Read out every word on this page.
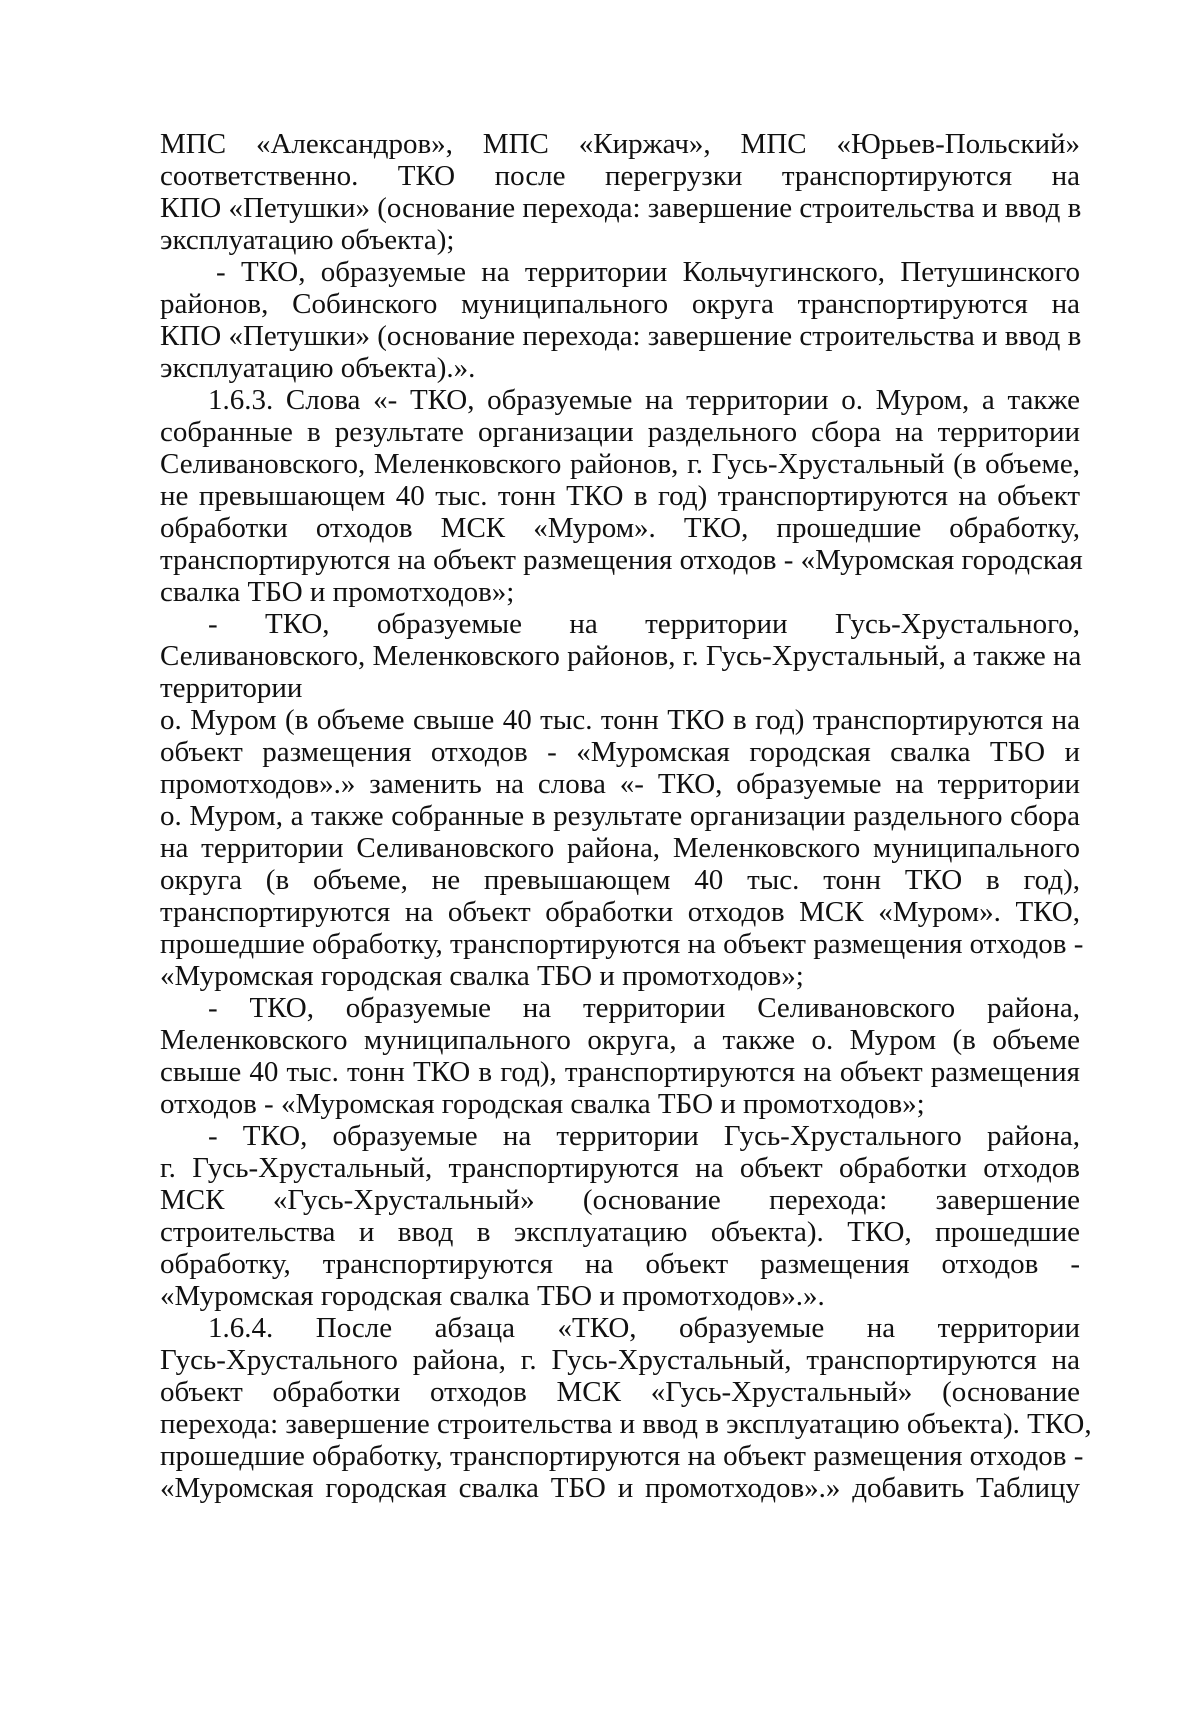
МПС «Александров», МПС «Киржач», МПС «Юрьев-Польский»
соответственно. ТКО после перегрузки транспортируются на
КПО «Петушки» (основание перехода: завершение строительства и ввод в
эксплуатацию объекта);
- ТКО, образуемые на территории Кольчугинского, Петушинского
районов, Собинского муниципального округа транспортируются на
КПО «Петушки» (основание перехода: завершение строительства и ввод в
эксплуатацию объекта).».
1.6.3. Слова «- ТКО, образуемые на территории о. Муром, а также
собранные в результате организации раздельного сбора на территории
Селивановского, Меленковского районов, г. Гусь-Хрустальный (в объеме,
не превышающем 40 тыс. тонн ТКО в год) транспортируются на объект
обработки отходов МСК «Муром». ТКО, прошедшие обработку,
транспортируются на объект размещения отходов - «Муромская городская
свалка ТБО и промотходов»;
- ТКО, образуемые на территории Гусь-Хрустального,
Селивановского, Меленковского районов, г. Гусь-Хрустальный, а также на
территории
о. Муром (в объеме свыше 40 тыс. тонн ТКО в год) транспортируются на
объект размещения отходов - «Муромская городская свалка ТБО и
промотходов».» заменить на слова «- ТКО, образуемые на территории
о. Муром, а также собранные в результате организации раздельного сбора
на территории Селивановского района, Меленковского муниципального
округа (в объеме, не превышающем 40 тыс. тонн ТКО в год),
транспортируются на объект обработки отходов МСК «Муром». ТКО,
прошедшие обработку, транспортируются на объект размещения отходов -
«Муромская городская свалка ТБО и промотходов»;
- ТКО, образуемые на территории Селивановского района,
Меленковского муниципального округа, а также о. Муром (в объеме
свыше 40 тыс. тонн ТКО в год), транспортируются на объект размещения
отходов - «Муромская городская свалка ТБО и промотходов»;
- ТКО, образуемые на территории Гусь-Хрустального района,
г. Гусь-Хрустальный, транспортируются на объект обработки отходов
МСК «Гусь-Хрустальный» (основание перехода: завершение
строительства и ввод в эксплуатацию объекта). ТКО, прошедшие
обработку, транспортируются на объект размещения отходов -
«Муромская городская свалка ТБО и промотходов».».
1.6.4. После абзаца «ТКО, образуемые на территории
Гусь-Хрустального района, г. Гусь-Хрустальный, транспортируются на
объект обработки отходов МСК «Гусь-Хрустальный» (основание
перехода: завершение строительства и ввод в эксплуатацию объекта). ТКО,
прошедшие обработку, транспортируются на объект размещения отходов -
«Муромская городская свалка ТБО и промотходов».» добавить Таблицу
